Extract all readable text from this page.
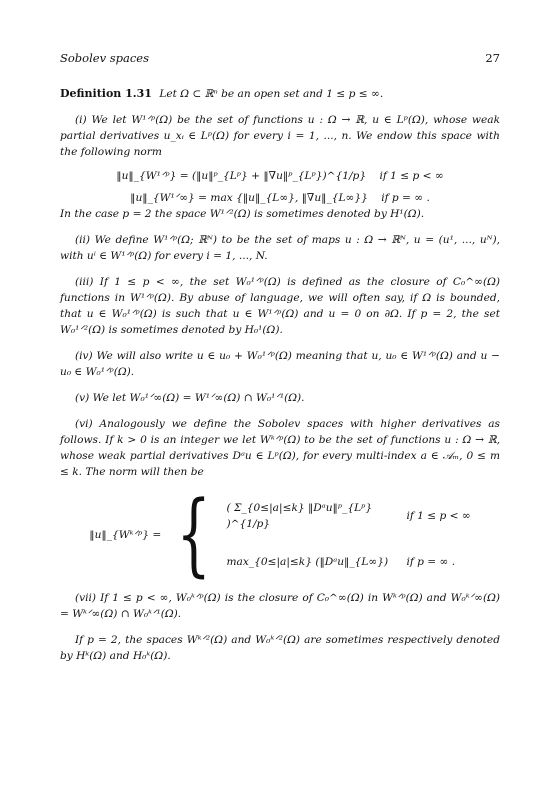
Sobolev spaces	27

Definition 1.31 Let Ω ⊂ ℝⁿ be an open set and 1 ≤ p ≤ ∞.

(i) We let W¹ᐟᵖ(Ω) be the set of functions u : Ω → ℝ, u ∈ Lᵖ(Ω), whose weak partial derivatives u_xᵢ ∈ Lᵖ(Ω) for every i = 1, ..., n. We endow this space with the following norm

‖u‖_{W¹ᐟᵖ} = (‖u‖ᵖ_{Lᵖ} + ‖∇u‖ᵖ_{Lᵖ})^{1/p} if 1 ≤ p < ∞
‖u‖_{W¹ᐟ∞} = max {‖u‖_{L∞}, ‖∇u‖_{L∞}} if p = ∞ .

In the case p = 2 the space W¹ᐟ²(Ω) is sometimes denoted by H¹(Ω).

(ii) We define W¹ᐟᵖ(Ω; ℝᴺ) to be the set of maps u : Ω → ℝᴺ, u = (u¹, ..., uᴺ), with uⁱ ∈ W¹ᐟᵖ(Ω) for every i = 1, ..., N.

(iii) If 1 ≤ p < ∞, the set W₀¹ᐟᵖ(Ω) is defined as the closure of C₀^∞(Ω) functions in W¹ᐟᵖ(Ω). By abuse of language, we will often say, if Ω is bounded, that u ∈ W₀¹ᐟᵖ(Ω) is such that u ∈ W¹ᐟᵖ(Ω) and u = 0 on ∂Ω. If p = 2, the set W₀¹ᐟ²(Ω) is sometimes denoted by H₀¹(Ω).

(iv) We will also write u ∈ u₀ + W₀¹ᐟᵖ(Ω) meaning that u, u₀ ∈ W¹ᐟᵖ(Ω) and u − u₀ ∈ W₀¹ᐟᵖ(Ω).

(v) We let W₀¹ᐟ∞(Ω) = W¹ᐟ∞(Ω) ∩ W₀¹ᐟ¹(Ω).

(vi) Analogously we define the Sobolev spaces with higher derivatives as follows. If k > 0 is an integer we let Wᵏᐟᵖ(Ω) to be the set of functions u : Ω → ℝ, whose weak partial derivatives Dᵃu ∈ Lᵖ(Ω), for every multi-index a ∈ 𝒜ₘ, 0 ≤ m ≤ k. The norm will then be

‖u‖_{Wᵏᐟᵖ} = { ( Σ_{0≤|a|≤k} ‖Dᵃu‖ᵖ_{Lᵖ} )^{1/p}
if 1 ≤ p < ∞
max_{0≤|a|≤k} (‖Dᵃu‖_{L∞})	if p = ∞ .

(vii) If 1 ≤ p < ∞, W₀ᵏᐟᵖ(Ω) is the closure of C₀^∞(Ω) in Wᵏᐟᵖ(Ω) and W₀ᵏᐟ∞(Ω) = Wᵏᐟ∞(Ω) ∩ W₀ᵏᐟ¹(Ω).

If p = 2, the spaces Wᵏᐟ²(Ω) and W₀ᵏᐟ²(Ω) are sometimes respectively denoted by Hᵏ(Ω) and H₀ᵏ(Ω).
